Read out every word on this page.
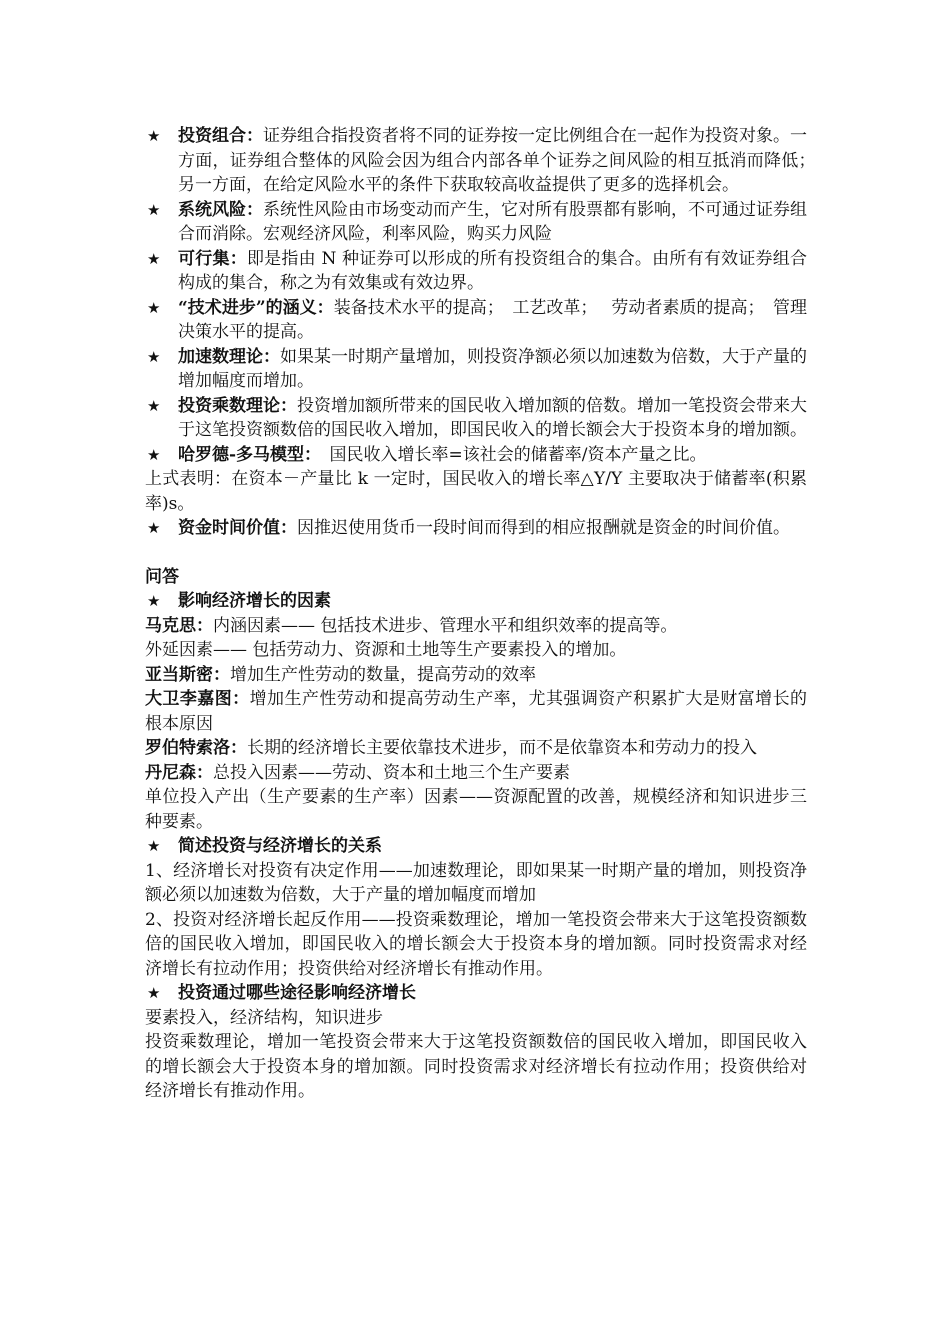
★ 投资组合：证券组合指投资者将不同的证券按一定比例组合在一起作为投资对象。一方面，证券组合整体的风险会因为组合内部各单个证券之间风险的相互抵消而降低；　 另一方面，在给定风险水平的条件下获取较高收益提供了更多的选择机会。
★ 系统风险：系统性风险由市场变动而产生，它对所有股票都有影响，不可通过证券组合而消除。宏观经济风险，利率风险，购买力风险
★ 可行集：即是指由 N 种证券可以形成的所有投资组合的集合。由所有有效证券组合构成的集合，称之为有效集或有效边界。
★ “技术进步”的涵义：装备技术水平的提高；　工艺改革；　 劳动者素质的提高；　管理决策水平的提高。
★ 加速数理论：如果某一时期产量增加，则投资净额必须以加速数为倍数，大于产量的增加幅度而增加。
★ 投资乘数理论：投资增加额所带来的国民收入增加额的倍数。增加一笔投资会带来大于这笔投资额数倍的国民收入增加，即国民收入的增长额会大于投资本身的增加额。
★ 哈罗德-多马模型：　国民收入增长率=该社会的储蓄率/资本产量之比。

上式表明：在资本－产量比 k 一定时，国民收入的增长率△Y/Y 主要取决于储蓄率(积累率)s。

★ 资金时间价值：因推迟使用货币一段时间而得到的相应报酬就是资金的时间价值。

问答

★ 影响经济增长的因素

马克思：内涵因素—— 包括技术进步、管理水平和组织效率的提高等。

外延因素—— 包括劳动力、资源和土地等生产要素投入的增加。

亚当斯密：增加生产性劳动的数量，提高劳动的效率

大卫李嘉图：增加生产性劳动和提高劳动生产率，尤其强调资产积累扩大是财富增长的根本原因

罗伯特索洛：长期的经济增长主要依靠技术进步，而不是依靠资本和劳动力的投入

丹尼森：总投入因素——劳动、资本和土地三个生产要素

单位投入产出（生产要素的生产率）因素——资源配置的改善，规模经济和知识进步三种要素。

★ 简述投资与经济增长的关系

1、经济增长对投资有决定作用——加速数理论，即如果某一时期产量的增加，则投资净额必须以加速数为倍数，大于产量的增加幅度而增加

2、投资对经济增长起反作用——投资乘数理论，增加一笔投资会带来大于这笔投资额数倍的国民收入增加，即国民收入的增长额会大于投资本身的增加额。同时投资需求对经济增长有拉动作用；投资供给对经济增长有推动作用。

★ 投资通过哪些途径影响经济增长

要素投入，经济结构，知识进步

投资乘数理论，增加一笔投资会带来大于这笔投资额数倍的国民收入增加，即国民收入的增长额会大于投资本身的增加额。同时投资需求对经济增长有拉动作用；投资供给对经济增长有推动作用。
